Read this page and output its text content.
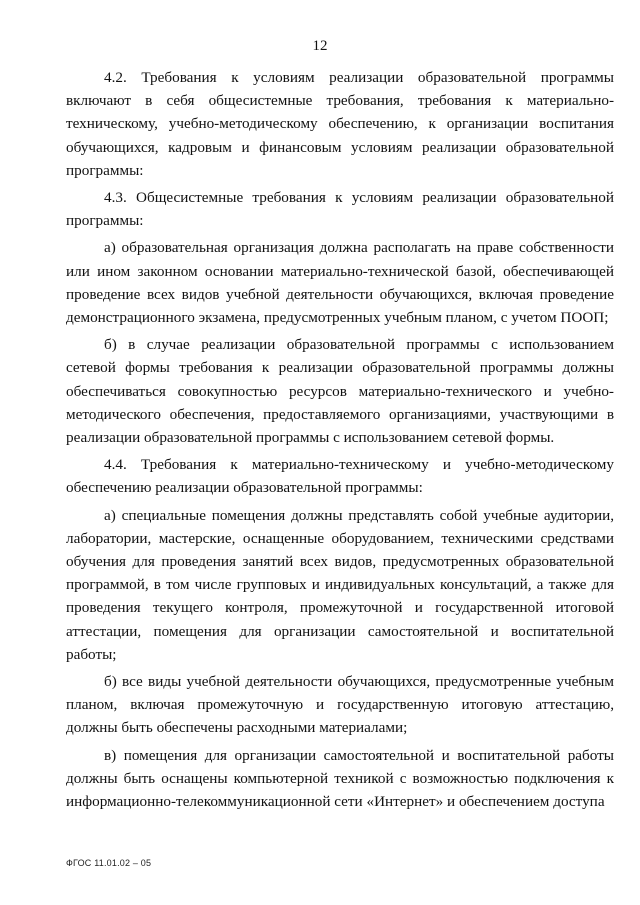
12

4.2. Требования к условиям реализации образовательной программы включают в себя общесистемные требования, требования к материально-техническому, учебно-методическому обеспечению, к организации воспитания обучающихся, кадровым и финансовым условиям реализации образовательной программы:

4.3. Общесистемные требования к условиям реализации образовательной программы:

а) образовательная организация должна располагать на праве собственности или ином законном основании материально-технической базой, обеспечивающей проведение всех видов учебной деятельности обучающихся, включая проведение демонстрационного экзамена, предусмотренных учебным планом, с учетом ПООП;

б) в случае реализации образовательной программы с использованием сетевой формы требования к реализации образовательной программы должны обеспечиваться совокупностью ресурсов материально-технического и учебно-методического обеспечения, предоставляемого организациями, участвующими в реализации образовательной программы с использованием сетевой формы.

4.4. Требования к материально-техническому и учебно-методическому обеспечению реализации образовательной программы:

а) специальные помещения должны представлять собой учебные аудитории, лаборатории, мастерские, оснащенные оборудованием, техническими средствами обучения для проведения занятий всех видов, предусмотренных образовательной программой, в том числе групповых и индивидуальных консультаций, а также для проведения текущего контроля, промежуточной и государственной итоговой аттестации, помещения для организации самостоятельной и воспитательной работы;

б) все виды учебной деятельности обучающихся, предусмотренные учебным планом, включая промежуточную и государственную итоговую аттестацию, должны быть обеспечены расходными материалами;

в) помещения для организации самостоятельной и воспитательной работы должны быть оснащены компьютерной техникой с возможностью подключения к информационно-телекоммуникационной сети «Интернет» и обеспечением доступа

ФГОС 11.01.02 – 05
